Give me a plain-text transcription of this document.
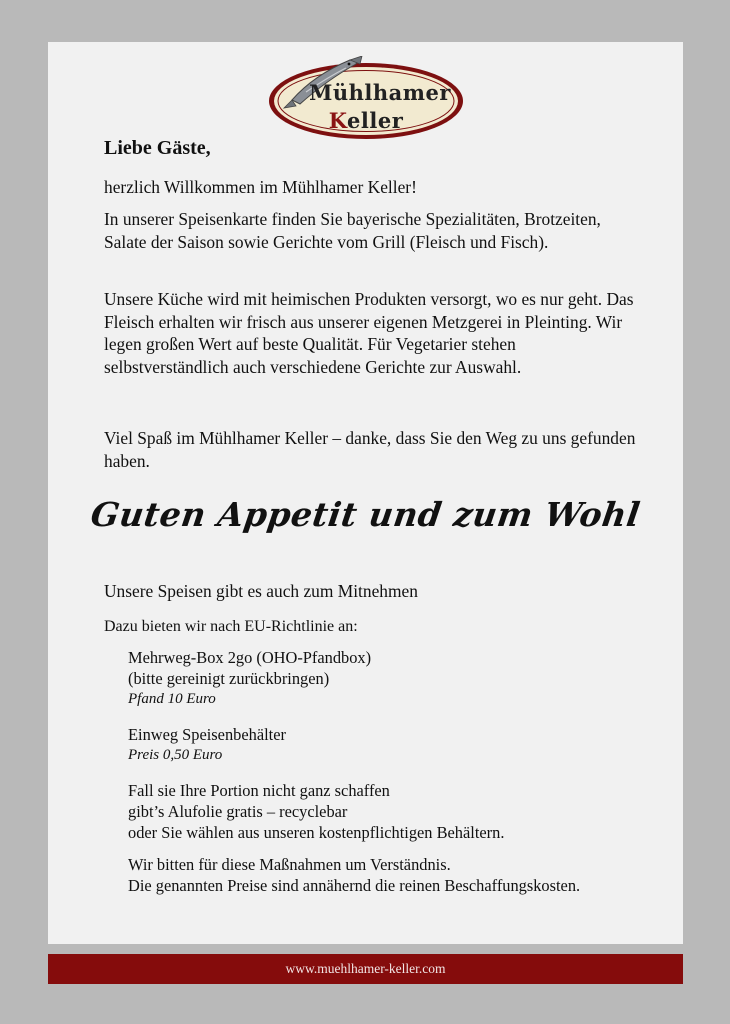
Mühlhamer
Keller
Liebe Gäste,
herzlich Willkommen im Mühlhamer Keller!
In unserer Speisenkarte finden Sie bayerische Spezialitäten, Brotzeiten, Salate der Saison sowie Gerichte vom Grill (Fleisch und Fisch).
Unsere Küche wird mit heimischen Produkten versorgt, wo es nur geht. Das Fleisch erhalten wir frisch aus unserer eigenen Metzgerei in Pleinting. Wir legen großen Wert auf beste Qualität. Für Vegetarier stehen selbstverständlich auch verschiedene Gerichte zur Auswahl.
Viel Spaß im Mühlhamer Keller – danke, dass Sie den Weg zu uns gefunden haben.
Guten Appetit und zum Wohl
Unsere Speisen gibt es auch zum Mitnehmen
Dazu bieten wir nach EU-Richtlinie an:
Mehrweg-Box 2go (OHO-Pfandbox)
(bitte gereinigt zurückbringen)
Pfand 10 Euro
Einweg Speisenbehälter
Preis 0,50 Euro
Fall sie Ihre Portion nicht ganz schaffen
gibt’s Alufolie gratis – recyclebar
oder Sie wählen aus unseren kostenpflichtigen Behältern.
Wir bitten für diese Maßnahmen um Verständnis.
Die genannten Preise sind annähernd die reinen Beschaffungskosten.
www.muehlhamer-keller.com
